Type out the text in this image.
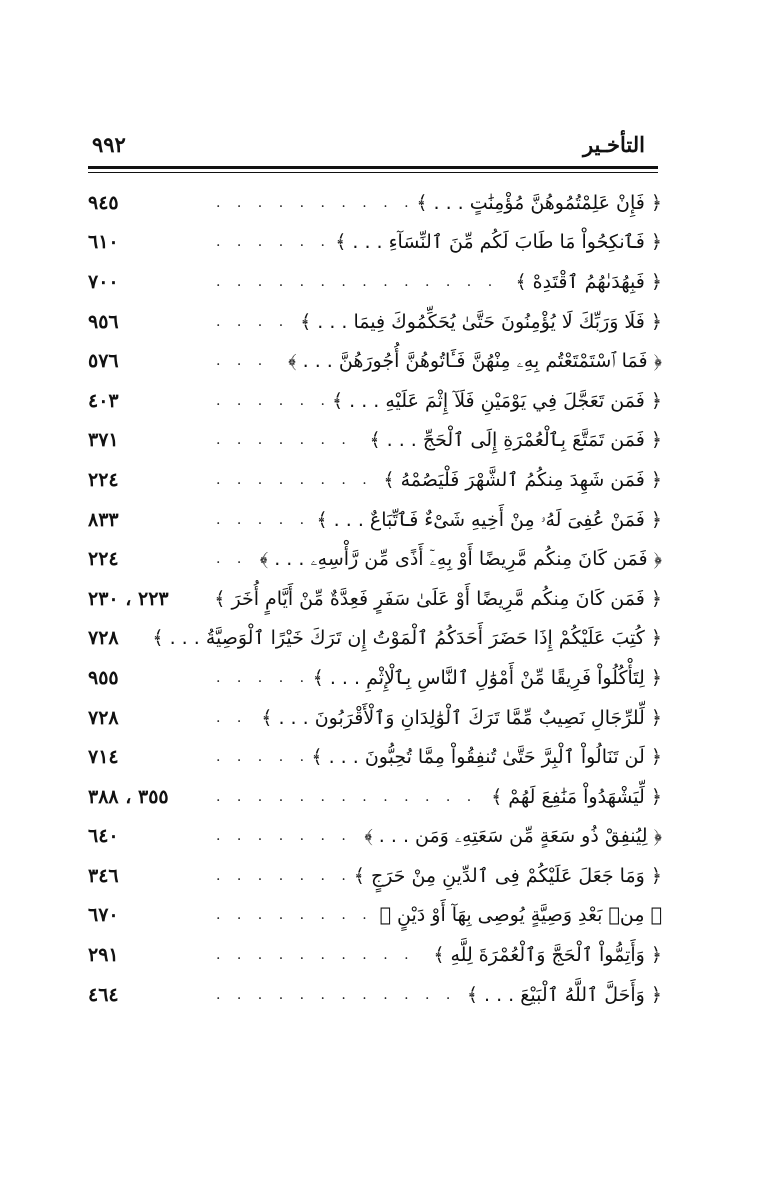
٩٩٢	التأخـير
﴿ فَإِنْ عَلِمْتُمُوهُنَّ مُؤْمِنَٰتٍ . . . ﴾
. . .
٩٤٥
﴿ فَٱنكِحُواْ مَا طَابَ لَكُم مِّنَ ٱلنِّسَآءِ . . . ﴾
. . .
٦١٠
﴿ فَبِهُدَىٰهُمُ ٱقْتَدِهْ ﴾
. . .
٧٠٠
﴿ فَلَا وَرَبِّكَ لَا يُؤْمِنُونَ حَتَّىٰ يُحَكِّمُوكَ فِيمَا . . . ﴾
. . .
٩٥٦
﴿ فَمَا ٱسْتَمْتَعْتُم بِهِۦ مِنْهُنَّ فَـَٔاتُوهُنَّ أُجُورَهُنَّ . . . ﴾
. . .
٥٧٦
﴿ فَمَن تَعَجَّلَ فِي يَوْمَيْنِ فَلَآ إِثْمَ عَلَيْهِ . . . ﴾
. . .
٤٠٣
﴿ فَمَن تَمَتَّعَ بِٱلْعُمْرَةِ إِلَى ٱلْحَجِّ . . . ﴾
. . .
٣٧١
﴿ فَمَن شَهِدَ مِنكُمُ ٱلشَّهْرَ فَلْيَصُمْهُ ﴾
. . .
٢٢٤
﴿ فَمَنْ عُفِىَ لَهُۥ مِنْ أَخِيهِ شَىْءٌ فَٱتِّبَاعٌ . . . ﴾
. . .
٨٣٣
﴿ فَمَن كَانَ مِنكُم مَّرِيضًا أَوْ بِهِۦٓ أَذًى مِّن رَّأْسِهِۦ . . . ﴾
. . .
٢٢٤
﴿ فَمَن كَانَ مِنكُم مَّرِيضًا أَوْ عَلَىٰ سَفَرٍ فَعِدَّةٌ مِّنْ أَيَّامٍ أُخَرَ ﴾
٢٢٣ ، ٢٣٠
﴿ كُتِبَ عَلَيْكُمْ إِذَا حَضَرَ أَحَدَكُمُ ٱلْمَوْتُ إِن تَرَكَ خَيْرًا ٱلْوَصِيَّةُ . . . ﴾
٧٢٨
﴿ لِتَأْكُلُواْ فَرِيقًا مِّنْ أَمْوَٰلِ ٱلنَّاسِ بِٱلْإِثْمِ . . . ﴾
. . .
٩٥٥
﴿ لِّلرِّجَالِ نَصِيبٌ مِّمَّا تَرَكَ ٱلْوَٰلِدَانِ وَٱلْأَقْرَبُونَ . . . ﴾
. . .
٧٢٨
﴿ لَن تَنَالُواْ ٱلْبِرَّ حَتَّىٰ تُنفِقُواْ مِمَّا تُحِبُّونَ . . . ﴾
. . .
٧١٤
﴿ لِّيَشْهَدُواْ مَنَٰفِعَ لَهُمْ ﴾
. . .
٣٥٥ ، ٣٨٨
﴿ لِيُنفِقْ ذُو سَعَةٍ مِّن سَعَتِهِۦ وَمَن . . . ﴾
. . .
٦٤٠
﴿ وَمَا جَعَلَ عَلَيْكُمْ فِى ٱلدِّينِ مِنْ حَرَجٍ ﴾
. . .
٣٤٦
﴿ مِنۢ بَعْدِ وَصِيَّةٍ يُوصِى بِهَآ أَوْ دَيْنٍ ﴾
. . .
٦٧٠
﴿ وَأَتِمُّواْ ٱلْحَجَّ وَٱلْعُمْرَةَ لِلَّهِ ﴾
. . .
٢٩١
﴿ وَأَحَلَّ ٱللَّهُ ٱلْبَيْعَ . . . ﴾
. . .
٤٦٤
